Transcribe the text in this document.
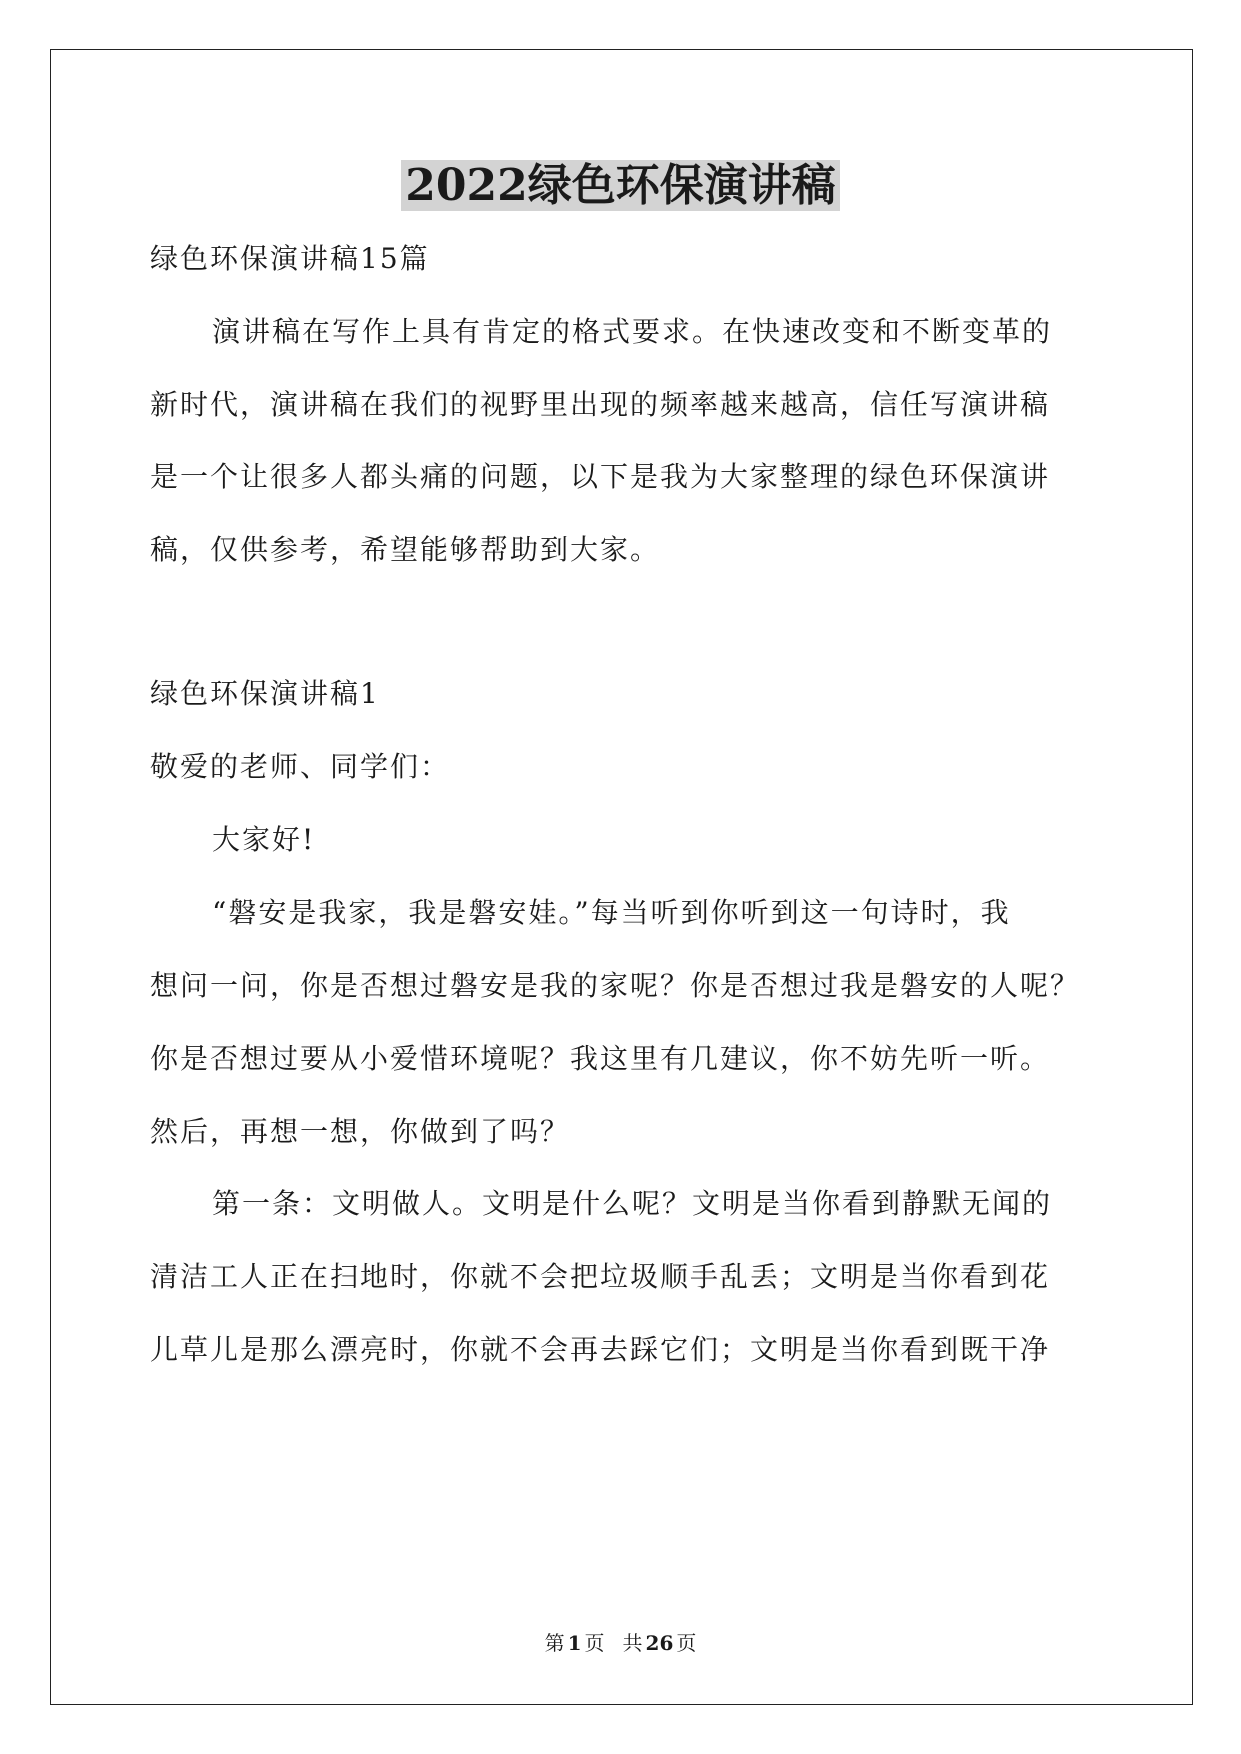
2022绿色环保演讲稿
绿色环保演讲稿15篇
演讲稿在写作上具有肯定的格式要求。在快速改变和不断变革的
新时代，演讲稿在我们的视野里出现的频率越来越高，信任写演讲稿
是一个让很多人都头痛的问题，以下是我为大家整理的绿色环保演讲
稿，仅供参考，希望能够帮助到大家。
绿色环保演讲稿1
敬爱的老师、同学们：
大家好!
“磐安是我家，我是磐安娃。”每当听到你听到这一句诗时，我
想问一问，你是否想过磐安是我的家呢？你是否想过我是磐安的人呢？
你是否想过要从小爱惜环境呢？我这里有几建议，你不妨先听一听。
然后，再想一想，你做到了吗？
第一条：文明做人。文明是什么呢？文明是当你看到静默无闻的
清洁工人正在扫地时，你就不会把垃圾顺手乱丢；文明是当你看到花
儿草儿是那么漂亮时，你就不会再去踩它们；文明是当你看到既干净
第 1 页 共 26 页
